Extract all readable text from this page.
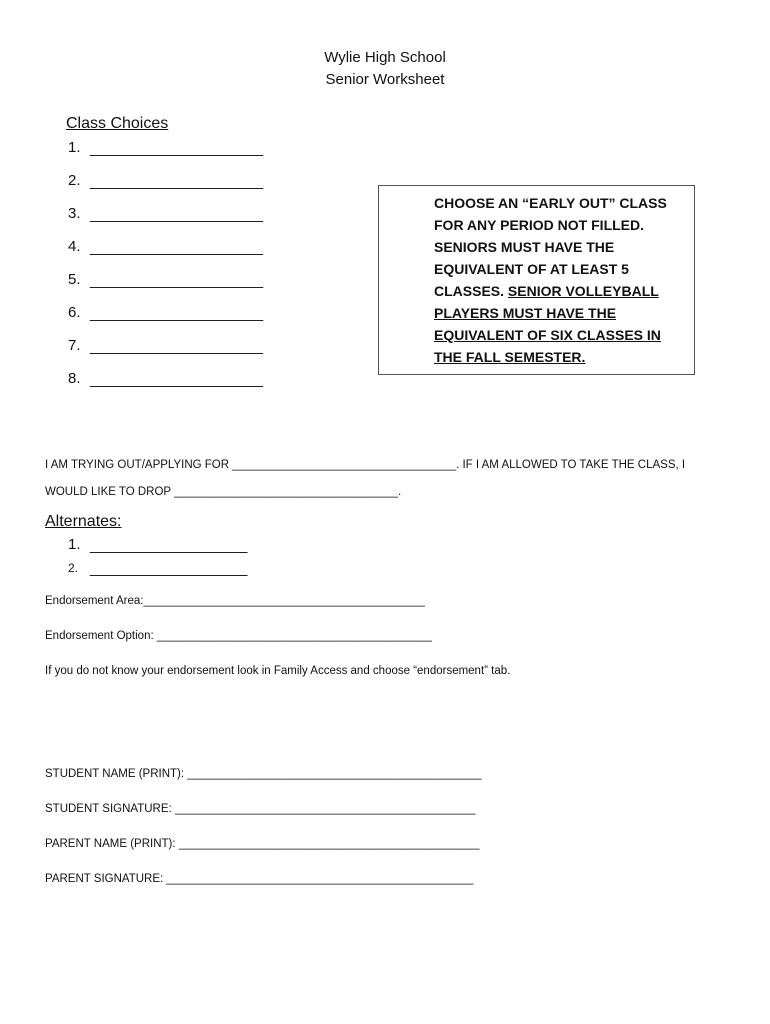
Wylie High School
Senior Worksheet
Class Choices
1. ______________________
2. ______________________
3. ______________________
4. ______________________
5. ______________________
6. ______________________
7. ______________________
8. ______________________
CHOOSE AN “EARLY OUT” CLASS FOR ANY PERIOD NOT FILLED. SENIORS MUST HAVE THE EQUIVALENT OF AT LEAST 5 CLASSES. SENIOR VOLLEYBALL PLAYERS MUST HAVE THE EQUIVALENT OF SIX CLASSES IN THE FALL SEMESTER.
I AM TRYING OUT/APPLYING FOR ___________________________________. IF I AM ALLOWED TO TAKE THE CLASS, I
WOULD LIKE TO DROP ___________________________________.
Alternates:
1. ____________________
2. ____________________
Endorsement Area:____________________________________________
Endorsement Option: ___________________________________________
If you do not know your endorsement look in Family Access and choose “endorsement” tab.
STUDENT NAME (PRINT): ______________________________________________
STUDENT SIGNATURE: _______________________________________________
PARENT NAME (PRINT): _______________________________________________
PARENT SIGNATURE: ________________________________________________
